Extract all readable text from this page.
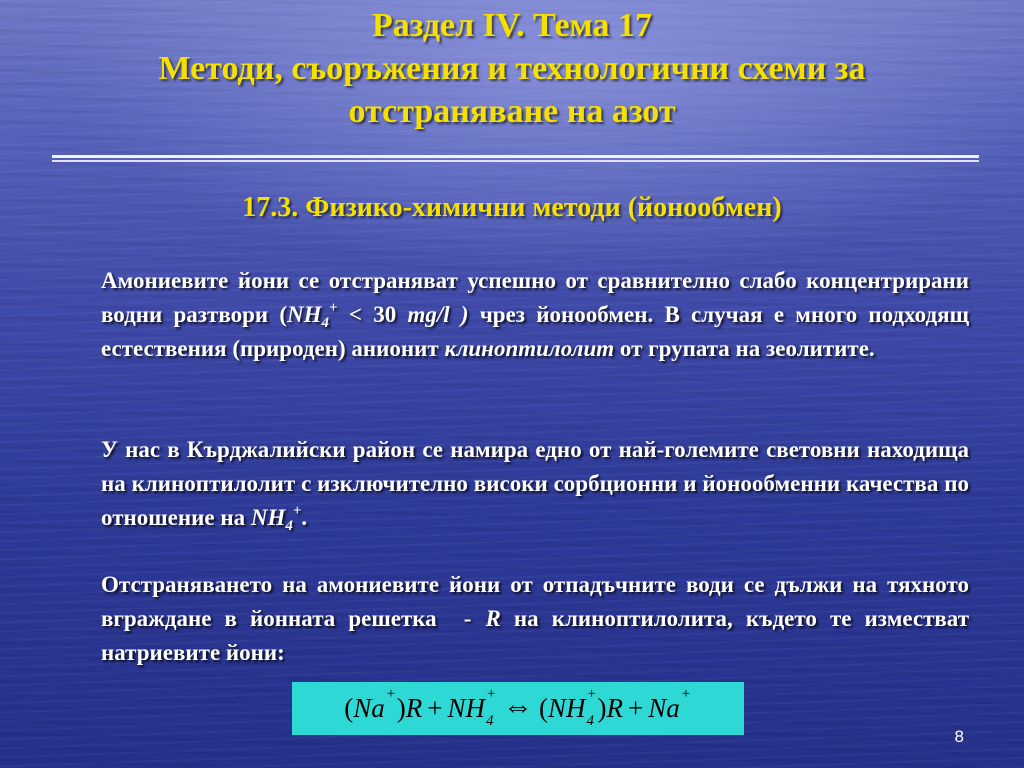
Раздел IV. Тема 17
Методи, съоръжения и технологични схеми за
отстраняване на азот
17.3. Физико-химични методи (йонообмен)
Амониевите йони се отстраняват успешно от сравнително слабо концентрирани водни разтвори ($NH_4^+ < 30$ mg/l ) чрез йонообмен. В случая е много подходящ естествения (природен) анионит клиноптилолит от групата на зеолитите.
У нас в Кърджалийски район се намира едно от най-големите световни находища на клиноптилолит с изключително високи сорбционни и йонообменни качества по отношение на $NH_4^+$.
Отстраняването на амониевите йони от отпадъчните води се дължи на тяхното вграждане в йонната решетка - R на клиноптилолита, където те изместват натриевите йони:
( Na + ) R + NH +
4 ⇔ ( NH +
4 ) R + Na +
8
